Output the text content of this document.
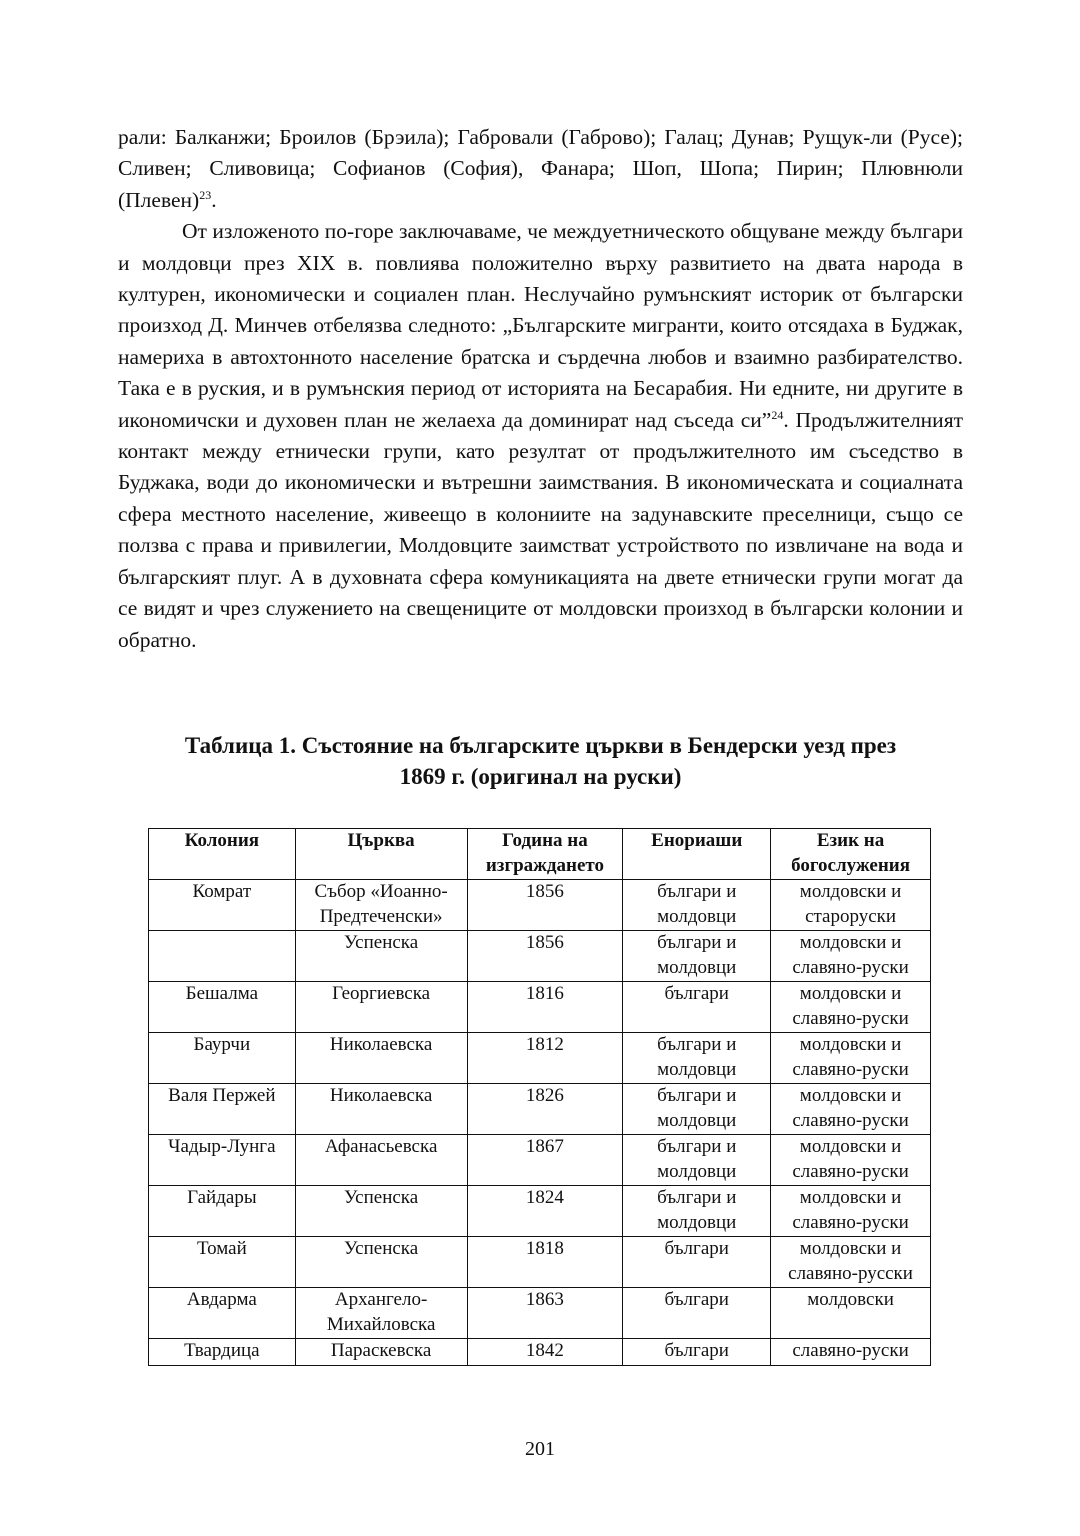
рали: Балканжи; Броилов (Брэила); Габровали (Габрово); Галац; Дунав; Рущук-ли (Русе); Сливен; Сливовица; Софианов (София), Фанара; Шоп, Шопа; Пирин; Плювнюли (Плевен)$^{23}$.

От изложеното по-горе заключаваме, че междуетническото общуване между българи и молдовци през XIX в. повлиява положително върху развитието на двата народа в културен, икономически и социален план. Неслучайно румънският историк от български произход Д. Минчев отбелязва следното: „Българските мигранти, които отсядаха в Буджак, намериха в автохтонното население братска и сърдечна любов и взаимно разбирателство. Така е в руския, и в румънския период от историята на Бесарабия. Ни едните, ни другите в икономичски и духовен план не желаеха да доминират над съседа си”$^{24}$. Продължителният контакт между етнически групи, като резултат от продължителното им съседство в Буджака, води до икономически и вътрешни заимствания. В икономическата и социалната сфера местното население, живеещо в колониите на задунавските преселници, също се ползва с права и привилегии, Молдовците заимстват устройството по извличане на вода и българският плуг. А в духовната сфера комуникацията на двете етнически групи могат да се видят и чрез служението на свещениците от молдовски произход в български колонии и обратно.

Таблица 1. Състояние на българските църкви в Бендерски уезд през
1869 г. (оригинал на руски)
Колония	Църква	Година на изграждането	Енориаши	Език на богослужения
Комрат	Събор «Иоанно-Предтеченски»	1856	българи и молдовци	молдовски и староруски
	Успенска	1856	българи и молдовци	молдовски и славяно-руски
Бешалма	Георгиевска	1816	българи	молдовски и славяно-руски
Баурчи	Николаевска	1812	българи и молдовци	молдовски и славяно-руски
Валя Пержей	Николаевска	1826	българи и молдовци	молдовски и славяно-руски
Чадыр-Лунга	Афанасьевска	1867	българи и молдовци	молдовски и славяно-руски
Гайдары	Успенска	1824	българи и молдовци	молдовски и славяно-руски
Томай	Успенска	1818	българи	молдовски и славяно-русски
Авдарма	Архангело-Михайловска	1863	българи	молдовски
Твардица	Параскевска	1842	българи	славяно-руски
201
